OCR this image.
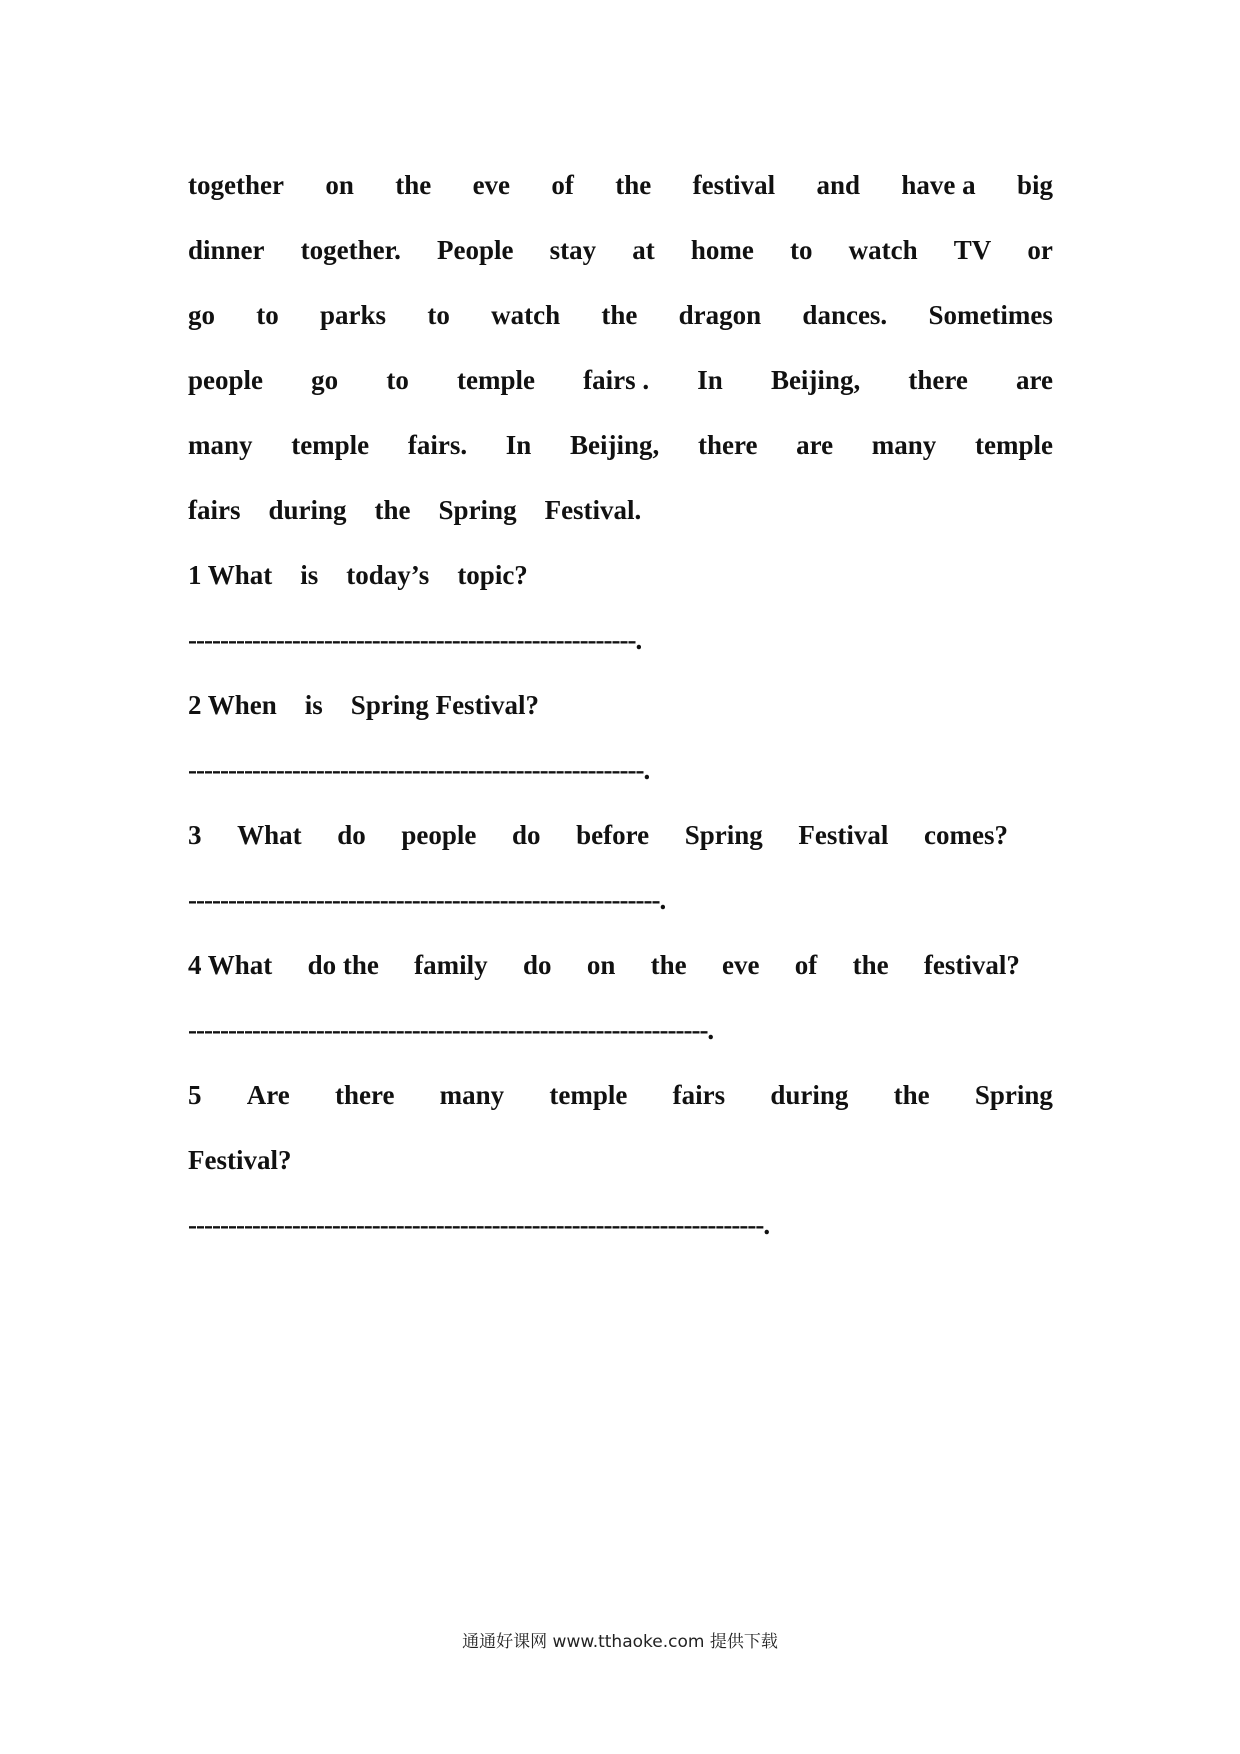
together on the eve of the festival and have a big
dinner together. People stay at home to watch TV or
go to parks to watch the dragon dances. Sometimes
people go to temple fairs . In Beijing, there are
many temple fairs. In Beijing, there are many temple
fairs during the Spring Festival.
1 What is today’s topic?
--------------------------------------------------------.
2 When is Spring Festival?
---------------------------------------------------------.
3 What do people do before Spring Festival comes?
-----------------------------------------------------------.
4 What do the family do on the eve of the festival?
-----------------------------------------------------------------.
5 Are there many temple fairs during the Spring
Festival?
------------------------------------------------------------------------.
通通好课网 www.tthaoke.com 提供下载
